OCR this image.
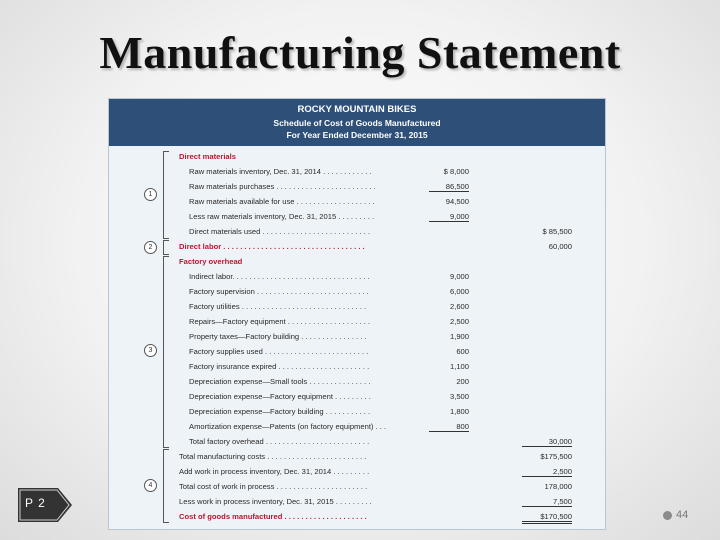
Manufacturing Statement
ROCKY MOUNTAIN BIKES
Schedule of Cost of Goods Manufactured
For Year Ended December 31, 2015
1
2
3
4
Direct materials
Raw materials inventory, Dec. 31, 2014 . . . . . . . . . . . .	$ 8,000
Raw materials purchases . . . . . . . . . . . . . . . . . . . . . . . .	86,500
Raw materials available for use . . . . . . . . . . . . . . . . . . .	94,500
Less raw materials inventory, Dec. 31, 2015 . . . . . . . . .	9,000
Direct materials used . . . . . . . . . . . . . . . . . . . . . . . . . .	$ 85,500
Direct labor . . . . . . . . . . . . . . . . . . . . . . . . . . . . . . . . . .	60,000
Factory overhead
Indirect labor. . . . . . . . . . . . . . . . . . . . . . . . . . . . . . . . .	9,000
Factory supervision . . . . . . . . . . . . . . . . . . . . . . . . . . .	6,000
Factory utilities . . . . . . . . . . . . . . . . . . . . . . . . . . . . . .	2,600
Repairs—Factory equipment . . . . . . . . . . . . . . . . . . . .	2,500
Property taxes—Factory building . . . . . . . . . . . . . . . .	1,900
Factory supplies used . . . . . . . . . . . . . . . . . . . . . . . . .	600
Factory insurance expired . . . . . . . . . . . . . . . . . . . . . .	1,100
Depreciation expense—Small tools . . . . . . . . . . . . . . .	200
Depreciation expense—Factory equipment . . . . . . . . .	3,500
Depreciation expense—Factory building . . . . . . . . . . .	1,800
Amortization expense—Patents (on factory equipment) . . .	800
Total factory overhead . . . . . . . . . . . . . . . . . . . . . . . . .	30,000
Total manufacturing costs . . . . . . . . . . . . . . . . . . . . . . . .	$175,500
Add work in process inventory, Dec. 31, 2014 . . . . . . . . .	2,500
Total cost of work in process . . . . . . . . . . . . . . . . . . . . . .	178,000
Less work in process inventory, Dec. 31, 2015 . . . . . . . . .	7,500
Cost of goods manufactured . . . . . . . . . . . . . . . . . . . .	$170,500
P 2
44
